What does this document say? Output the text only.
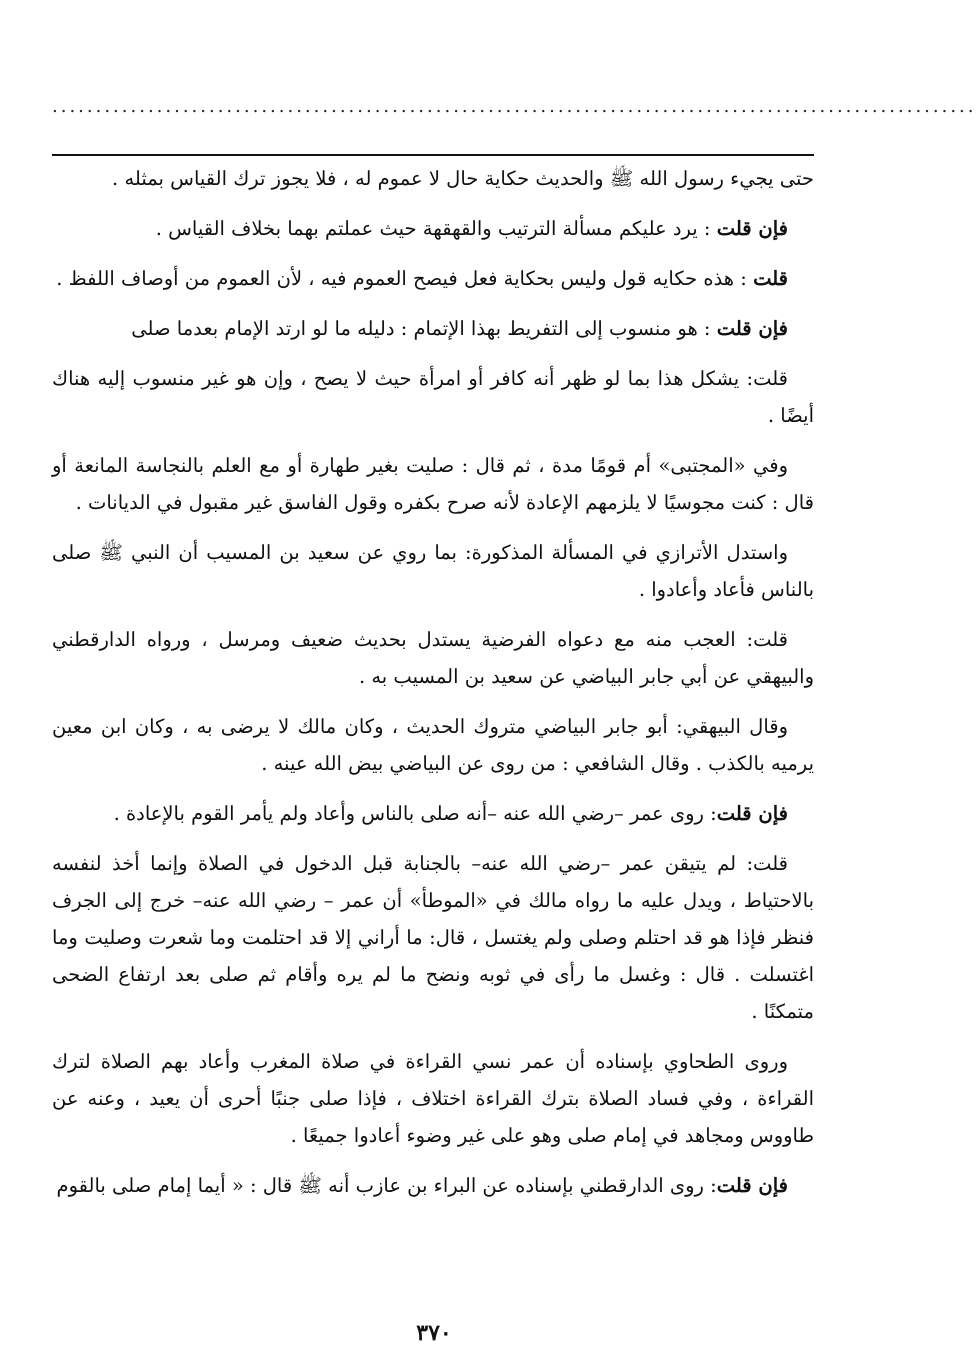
..........................................................................................................

حتى يجيء رسول الله ﷺ والحديث حكاية حال لا عموم له ، فلا يجوز ترك القياس بمثله .

فإن قلت : يرد عليكم مسألة الترتيب والقهقهة حيث عملتم بهما بخلاف القياس .

قلت : هذه حكايه قول وليس بحكاية فعل فيصح العموم فيه ، لأن العموم من أوصاف اللفظ .

فإن قلت : هو منسوب إلى التفريط بهذا الإتمام : دليله ما لو ارتد الإمام بعدما صلى

قلت: يشكل هذا بما لو ظهر أنه كافر أو امرأة حيث لا يصح ، وإن هو غير منسوب إليه هناك أيضًا .

وفي «المجتبى» أم قومًا مدة ، ثم قال : صليت بغير طهارة أو مع العلم بالنجاسة المانعة أو قال : كنت مجوسيًا لا يلزمهم الإعادة لأنه صرح بكفره وقول الفاسق غير مقبول في الديانات .

واستدل الأترازي في المسألة المذكورة: بما روي عن سعيد بن المسيب أن النبي ﷺ صلى بالناس فأعاد وأعادوا .

قلت: العجب منه مع دعواه الفرضية يستدل بحديث ضعيف ومرسل ، ورواه الدارقطني والبيهقي عن أبي جابر البياضي عن سعيد بن المسيب به .

وقال البيهقي: أبو جابر البياضي متروك الحديث ، وكان مالك لا يرضى به ، وكان ابن معين يرميه بالكذب . وقال الشافعي : من روى عن البياضي بيض الله عينه .

فإن قلت: روى عمر –رضي الله عنه –أنه صلى بالناس وأعاد ولم يأمر القوم بالإعادة .

قلت: لم يتيقن عمر –رضي الله عنه– بالجنابة قبل الدخول في الصلاة وإنما أخذ لنفسه بالاحتياط ، ويدل عليه ما رواه مالك في «الموطأ» أن عمر – رضي الله عنه– خرج إلى الجرف فنظر فإذا هو قد احتلم وصلى ولم يغتسل ، قال: ما أراني إلا قد احتلمت وما شعرت وصليت وما اغتسلت . قال : وغسل ما رأى في ثوبه ونضح ما لم يره وأقام ثم صلى بعد ارتفاع الضحى متمكنًا .

وروى الطحاوي بإسناده أن عمر نسي القراءة في صلاة المغرب وأعاد بهم الصلاة لترك القراءة ، وفي فساد الصلاة بترك القراءة اختلاف ، فإذا صلى جنبًا أحرى أن يعيد ، وعنه عن طاووس ومجاهد في إمام صلى وهو على غير وضوء أعادوا جميعًا .

فإن قلت: روى الدارقطني بإسناده عن البراء بن عازب أنه ﷺ قال : « أيما إمام صلى بالقوم

٣٧٠
